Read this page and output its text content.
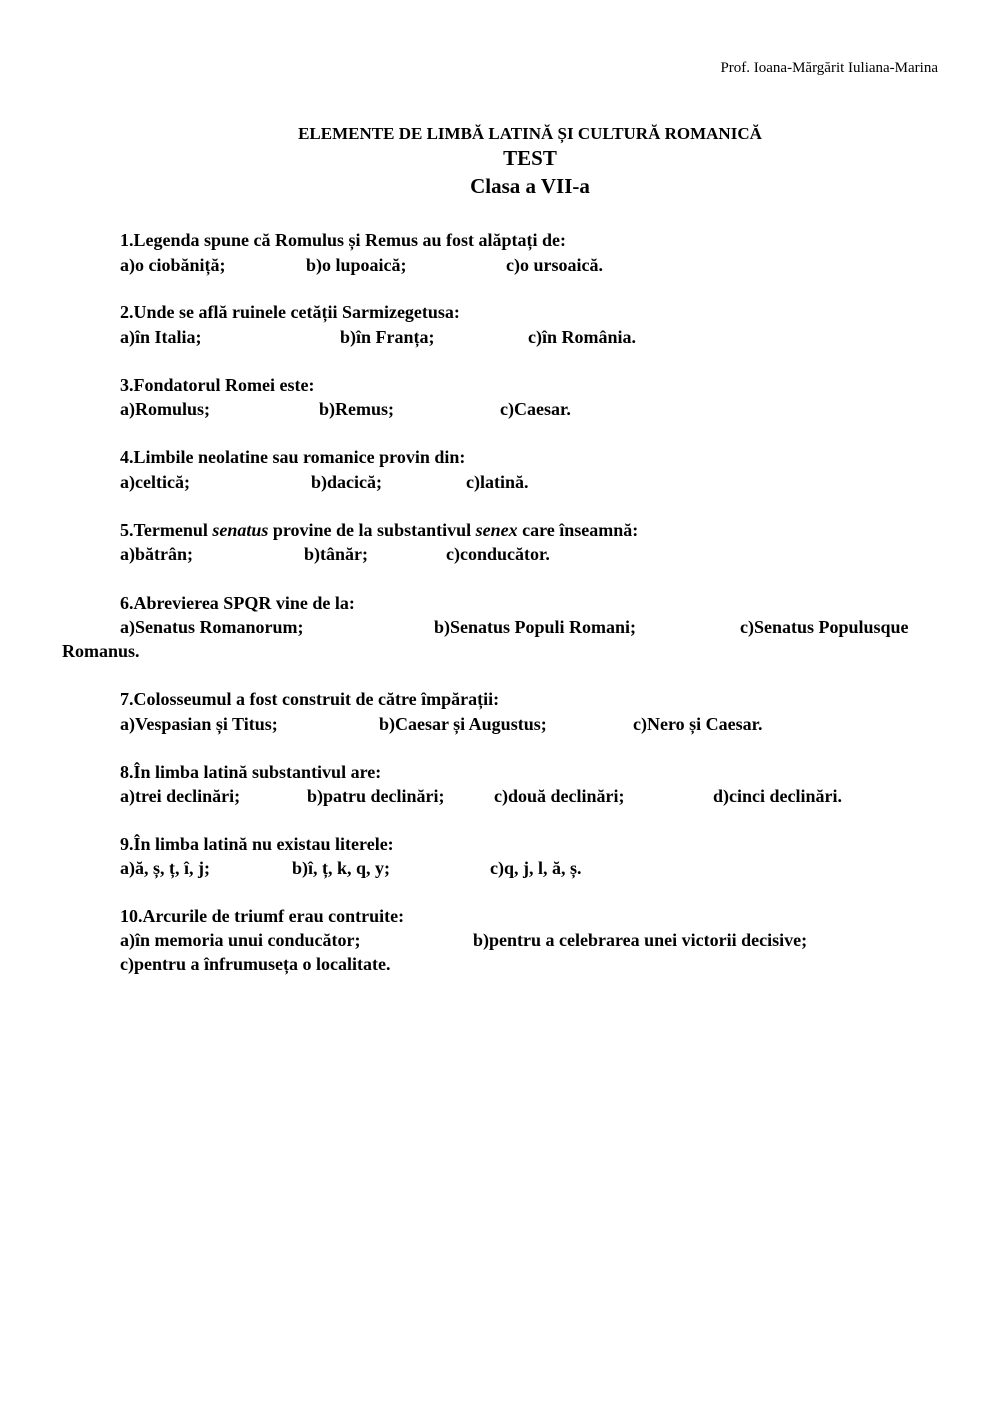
Prof. Ioana-Mărgărit Iuliana-Marina
ELEMENTE DE LIMBĂ LATINĂ ȘI CULTURĂ ROMANICĂ
TEST
Clasa a VII-a
1.Legenda spune că Romulus și Remus au fost alăptați de:
a)o ciobăniță;	b)o lupoaică;	c)o ursoaică.
2.Unde se află ruinele cetății Sarmizegetusa:
a)în Italia;	b)în Franța;	c)în România.
3.Fondatorul Romei este:
a)Romulus;	b)Remus;	c)Caesar.
4.Limbile neolatine sau romanice provin din:
a)celtică;	b)dacică;	c)latină.
5.Termenul senatus provine de la substantivul senex care înseamnă:
a)bătrân;	b)tânăr;	c)conducător.
6.Abrevierea SPQR vine de la:
a)Senatus Romanorum;	b)Senatus Populi Romani;	c)Senatus Populusque
Romanus.
7.Colosseumul a fost construit de către împărații:
a)Vespasian și Titus;	b)Caesar și Augustus;	c)Nero și Caesar.
8.În limba latină substantivul are:
a)trei declinări;	b)patru declinări;	c)două declinări;	d)cinci declinări.
9.În limba latină nu existau literele:
a)ă, ș, ț, î, j;	b)î, ț, k, q, y;	c)q, j, l, ă, ș.
10.Arcurile de triumf erau contruite:
a)în memoria unui conducător;	b)pentru a celebrarea unei victorii decisive;
c)pentru a înfrumuseța o localitate.
